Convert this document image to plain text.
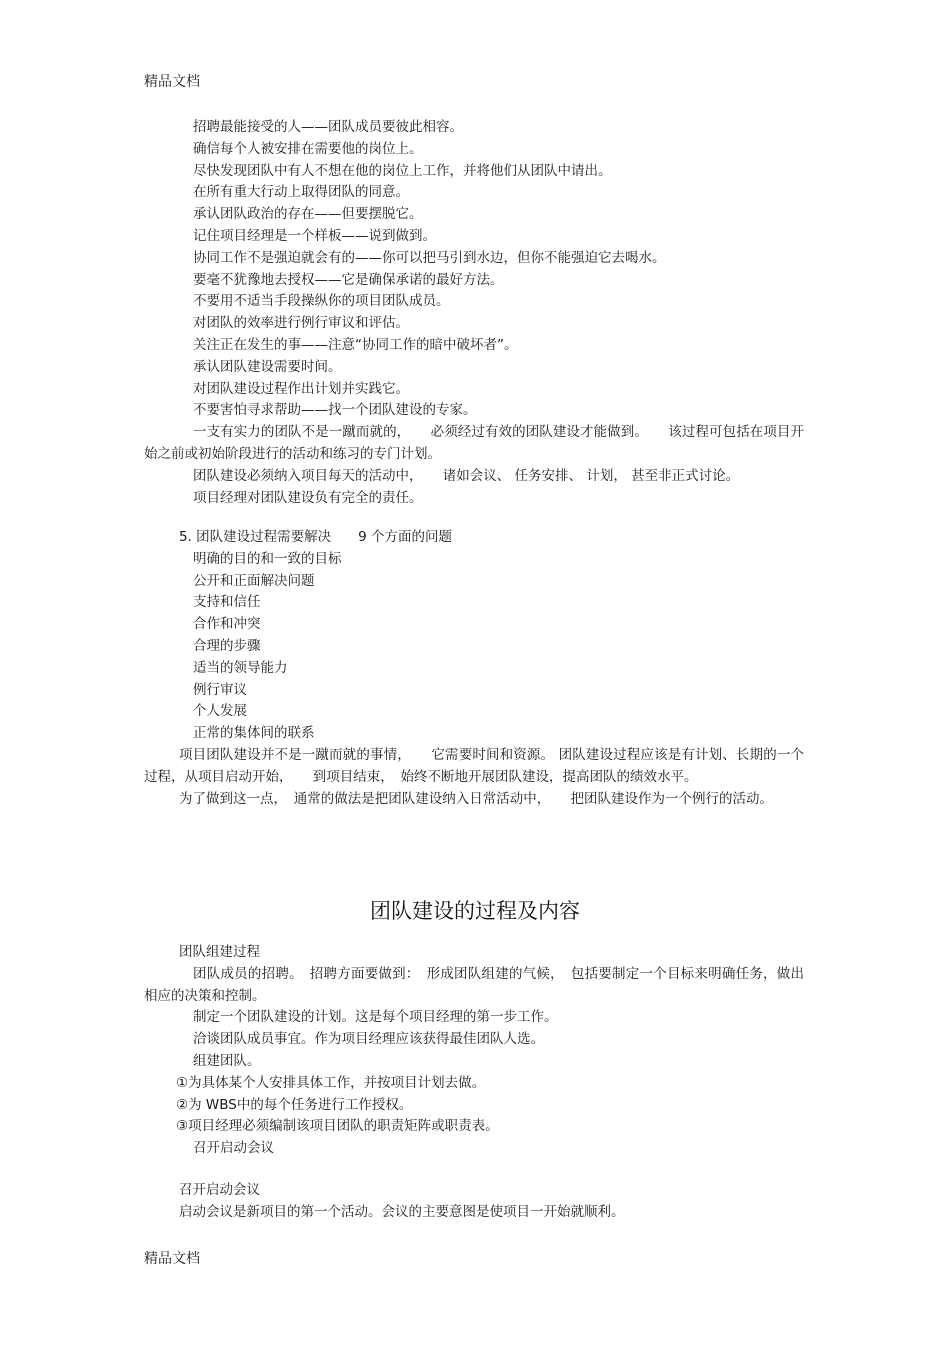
精品文档

招聘最能接受的人——团队成员要彼此相容。

确信每个人被安排在需要他的岗位上。

尽快发现团队中有人不想在他的岗位上工作，并将他们从团队中请出。

在所有重大行动上取得团队的同意。

承认团队政治的存在——但要摆脱它。

记住项目经理是一个样板——说到做到。

协同工作不是强迫就会有的——你可以把马引到水边，但你不能强迫它去喝水。

要毫不犹豫地去授权——它是确保承诺的最好方法。

不要用不适当手段操纵你的项目团队成员。

对团队的效率进行例行审议和评估。

关注正在发生的事——注意“协同工作的暗中破坏者”。

承认团队建设需要时间。

对团队建设过程作出计划并实践它。

不要害怕寻求帮助——找一个团队建设的专家。

一支有实力的团队不是一蹴而就的，　　必须经过有效的团队建设才能做到。　　该过程可包括在项目开始之前或初始阶段进行的活动和练习的专门计划。

团队建设必须纳入项目每天的活动中，　　诸如会议、 任务安排、 计划， 甚至非正式讨论。

项目经理对团队建设负有完全的责任。

5. 团队建设过程需要解决　　9 个方面的问题

明确的目的和一致的目标

公开和正面解决问题

支持和信任

合作和冲突

合理的步骤

适当的领导能力

例行审议

个人发展

正常的集体间的联系

项目团队建设并不是一蹴而就的事情，　　它需要时间和资源。 团队建设过程应该是有计划、长期的一个过程，从项目启动开始，　　到项目结束，　始终不断地开展团队建设，提高团队的绩效水平。

为了做到这一点，　通常的做法是把团队建设纳入日常活动中，　　把团队建设作为一个例行的活动。

团队建设的过程及内容

团队组建过程

团队成员的招聘。　招聘方面要做到：　形成团队组建的气候，　包括要制定一个目标来明确任务，做出相应的决策和控制。

制定一个团队建设的计划。这是每个项目经理的第一步工作。

洽谈团队成员事宜。作为项目经理应该获得最佳团队人选。

组建团队。

①为具体某个人安排具体工作，并按项目计划去做。

②为 WBS中的每个任务进行工作授权。

③项目经理必须编制该项目团队的职责矩阵或职责表。

召开启动会议

召开启动会议

启动会议是新项目的第一个活动。会议的主要意图是使项目一开始就顺利。

精品文档
